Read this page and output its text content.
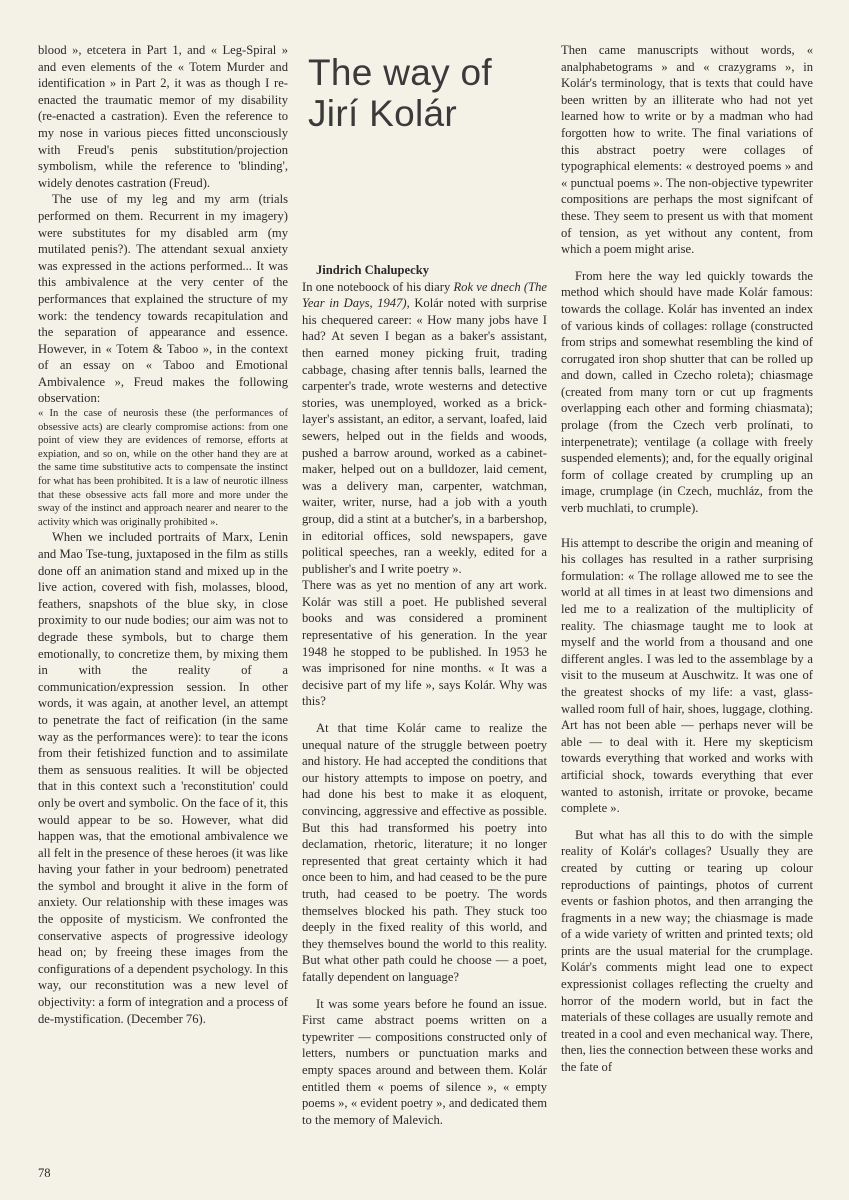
blood », etcetera in Part 1, and « Leg-Spiral » and even elements of the « Totem Murder and identification » in Part 2, it was as though I re-enacted the traumatic memor of my disability (re-enacted a castration). Even the reference to my nose in various pieces fitted unconsciously with Freud's penis substitution/projection symbolism, while the reference to 'blinding', widely denotes castration (Freud).

The use of my leg and my arm (trials performed on them. Recurrent in my imagery) were substitutes for my disabled arm (my mutilated penis?). The attendant sexual anxiety was expressed in the actions performed... It was this ambivalence at the very center of the performances that explained the structure of my work: the tendency towards recapitulation and the separation of appearance and essence. However, in « Totem & Taboo », in the context of an essay on « Taboo and Emotional Ambivalence », Freud makes the following observation:

« In the case of neurosis these (the performances of obsessive acts) are clearly compromise actions: from one point of view they are evidences of remorse, efforts at expiation, and so on, while on the other hand they are at the same time substitutive acts to compensate the instinct for what has been prohibited. It is a law of neurotic illness that these obsessive acts fall more and more under the sway of the instinct and approach nearer and nearer to the activity which was originally prohibited ».

When we included portraits of Marx, Lenin and Mao Tse-tung, juxtaposed in the film as stills done off an animation stand and mixed up in the live action, covered with fish, molasses, blood, feathers, snapshots of the blue sky, in close proximity to our nude bodies; our aim was not to degrade these symbols, but to charge them emotionally, to concretize them, by mixing them in with the reality of a communication/expression session. In other words, it was again, at another level, an attempt to penetrate the fact of reification (in the same way as the performances were): to tear the icons from their fetishized function and to assimilate them as sensuous realities. It will be objected that in this context such a 'reconstitution' could only be overt and symbolic. On the face of it, this would appear to be so. However, what did happen was, that the emotional ambivalence we all felt in the presence of these heroes (it was like having your father in your bedroom) penetrated the symbol and brought it alive in the form of anxiety. Our relationship with these images was the opposite of mysticism. We confronted the conservative aspects of progressive ideology head on; by freeing these images from the configurations of a dependent psychology. In this way, our reconstitution was a new level of objectivity: a form of integration and a process of de-mystification. (December 76).

The way of
Jirí Kolár

Jindrich Chalupecky

In one noteboock of his diary Rok ve dnech (The Year in Days, 1947), Kolár noted with surprise his chequered career: « How many jobs have I had? At seven I began as a baker's assistant, then earned money picking fruit, trading cabbage, chasing after tennis balls, learned the carpenter's trade, wrote westerns and detective stories, was unemployed, worked as a brick-layer's assistant, an editor, a servant, loafed, laid sewers, helped out in the fields and woods, pushed a barrow around, worked as a cabinet-maker, helped out on a bulldozer, laid cement, was a delivery man, carpenter, watchman, waiter, writer, nurse, had a job with a youth group, did a stint at a butcher's, in a barbershop, in editorial offices, sold newspapers, gave political speeches, ran a weekly, edited for a publisher's and I write poetry ».

There was as yet no mention of any art work. Kolár was still a poet. He published several books and was considered a prominent representative of his generation. In the year 1948 he stopped to be published. In 1953 he was imprisoned for nine months. « It was a decisive part of my life », says Kolár. Why was this?

At that time Kolár came to realize the unequal nature of the struggle between poetry and history. He had accepted the conditions that our history attempts to impose on poetry, and had done his best to make it as eloquent, convincing, aggressive and effective as possible. But this had transformed his poetry into declamation, rhetoric, literature; it no longer represented that great certainty which it had once been to him, and had ceased to be the pure truth, had ceased to be poetry. The words themselves blocked his path. They stuck too deeply in the fixed reality of this world, and they themselves bound the world to this reality. But what other path could he choose — a poet, fatally dependent on language?

It was some years before he found an issue. First came abstract poems written on a typewriter — compositions constructed only of letters, numbers or punctuation marks and empty spaces around and between them. Kolár entitled them « poems of silence », « empty poems », « evident poetry », and dedicated them to the memory of Malevich.

Then came manuscripts without words, « analphabetograms » and « crazygrams », in Kolár's terminology, that is texts that could have been written by an illiterate who had not yet learned how to write or by a madman who had forgotten how to write. The final variations of this abstract poetry were collages of typographical elements: « destroyed poems » and « punctual poems ». The non-objective typewriter compositions are perhaps the most signifcant of these. They seem to present us with that moment of tension, as yet without any content, from which a poem might arise.

From here the way led quickly towards the method which should have made Kolár famous: towards the collage. Kolár has invented an index of various kinds of collages: rollage (constructed from strips and somewhat resembling the kind of corrugated iron shop shutter that can be rolled up and down, called in Czecho roleta); chiasmage (created from many torn or cut up fragments overlapping each other and forming chiasmata); prolage (from the Czech verb prolínati, to interpenetrate); ventilage (a collage with freely suspended elements); and, for the equally original form of collage created by crumpling up an image, crumplage (in Czech, muchláz, from the verb muchlati, to crumple).

His attempt to describe the origin and meaning of his collages has resulted in a rather surprising formulation: « The rollage allowed me to see the world at all times in at least two dimensions and led me to a realization of the multiplicity of reality. The chiasmage taught me to look at myself and the world from a thousand and one different angles. I was led to the assemblage by a visit to the museum at Auschwitz. It was one of the greatest shocks of my life: a vast, glass-walled room full of hair, shoes, luggage, clothing. Art has not been able — perhaps never will be able — to deal with it. Here my skepticism towards everything that worked and works with artificial shock, towards everything that ever wanted to astonish, irritate or provoke, became complete ».

But what has all this to do with the simple reality of Kolár's collages? Usually they are created by cutting or tearing up colour reproductions of paintings, photos of current events or fashion photos, and then arranging the fragments in a new way; the chiasmage is made of a wide variety of written and printed texts; old prints are the usual material for the crumplage. Kolár's comments might lead one to expect expressionist collages reflecting the cruelty and horror of the modern world, but in fact the materials of these collages are usually remote and treated in a cool and even mechanical way. There, then, lies the connection between these works and the fate of

78
